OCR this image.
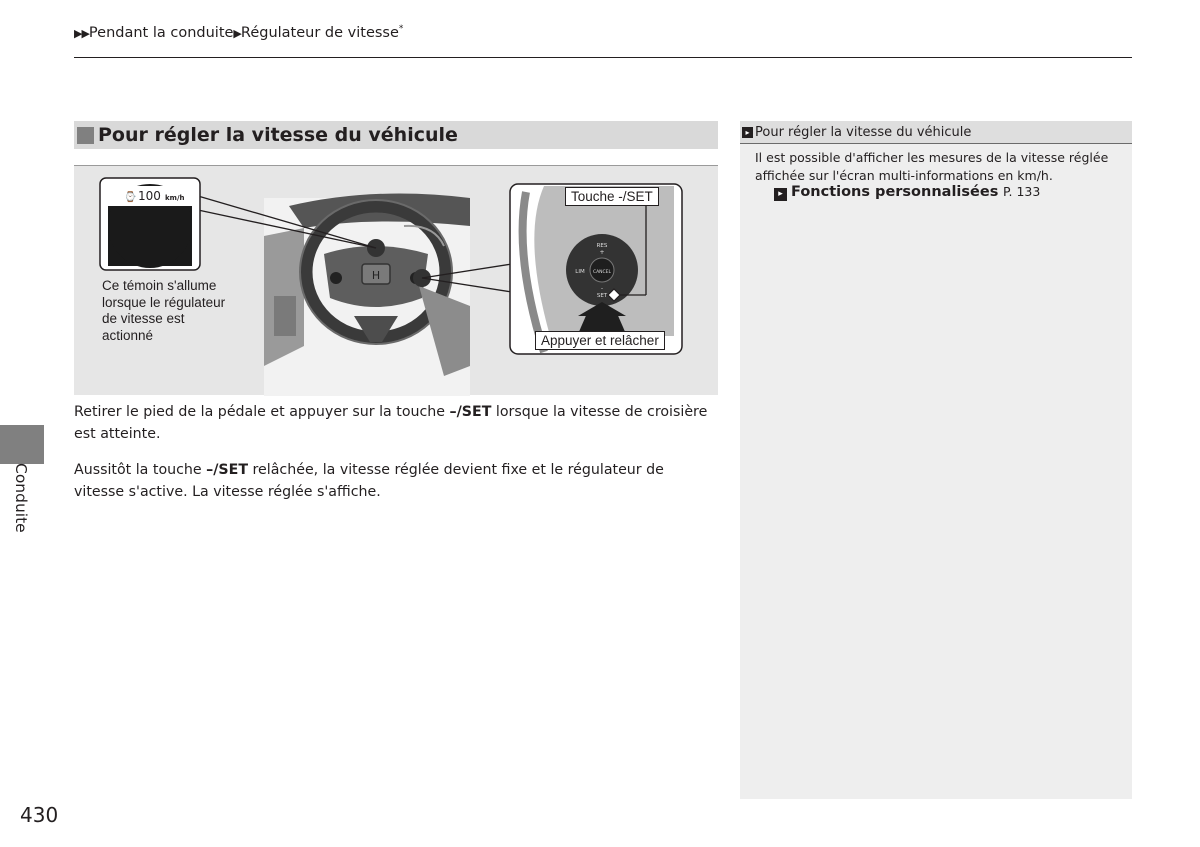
▶▶Pendant la conduite▶Régulateur de vitesse*
Pour régler la vitesse du véhicule
H
⌚ 100 km/h
RES
+
LIM CANCEL
–
SET
Ce témoin s'allume lorsque le régulateur de vitesse est actionné
Touche -/SET
Appuyer et relâcher
Retirer le pied de la pédale et appuyer sur la touche –/SET lorsque la vitesse de croisière est atteinte.
Aussitôt la touche –/SET relâchée, la vitesse réglée devient fixe et le régulateur de vitesse s'active. La vitesse réglée s'affiche.
▸ Pour régler la vitesse du véhicule
Il est possible d'afficher les mesures de la vitesse réglée affichée sur l'écran multi-informations en km/h.
▸ Fonctions personnalisées P. 133
Conduite
430
